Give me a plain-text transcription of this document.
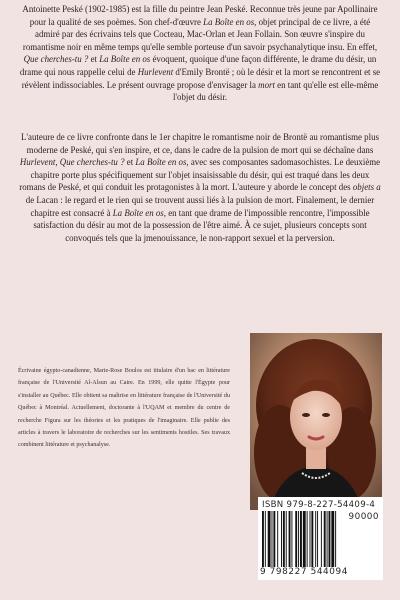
Antoinette Peské (1902-1985) est la fille du peintre Jean Peské. Reconnue très jeune par Apollinaire pour la qualité de ses poèmes. Son chef-d'œuvre La Boîte en os, objet principal de ce livre, a été admiré par des écrivains tels que Cocteau, Mac-Orlan et Jean Follain. Son œuvre s'inspire du romantisme noir en même temps qu'elle semble porteuse d'un savoir psychanalytique insu. En effet, Que cherches-tu ? et La Boîte en os évoquent, quoique d'une façon différente, le drame du désir, un drame qui nous rappelle celui de Hurlevent d'Emily Brontë ; où le désir et la mort se rencontrent et se révèlent indissociables. Le présent ouvrage propose d'envisager la mort en tant qu'elle est elle-même l'objet du désir.

L'auteure de ce livre confronte dans le 1er chapitre le romantisme noir de Brontë au romantisme plus moderne de Peské, qui s'en inspire, et ce, dans le cadre de la pulsion de mort qui se déchaîne dans Hurlevent, Que cherches-tu ? et La Boîte en os, avec ses composantes sadomasochistes. Le deuxième chapitre porte plus spécifiquement sur l'objet insaisissable du désir, qui est traqué dans les deux romans de Peské, et qui conduit les protagonistes à la mort. L'auteure y aborde le concept des objets a de Lacan : le regard et le rien qui se trouvent aussi liés à la pulsion de mort. Finalement, le dernier chapitre est consacré à La Boîte en os, en tant que drame de l'impossible rencontre, l'impossible satisfaction du désir au mot de la possession de l'être aimé. À ce sujet, plusieurs concepts sont convoqués tels que la jmenouissance, le non-rapport sexuel et la perversion.

Écrivaine égypto-canadienne, Marie-Rose Boulos est titulaire d'un bac en littérature française de l'Université Al-Alsun au Caire. En 1999, elle quitte l'Égypte pour s'installer au Québec. Elle obtient sa maîtrise en littérature française de l'Université du Québec à Montréal. Actuellement, doctorante à l'UQAM et membre du centre de recherche Figura sur les théories et les pratiques de l'imaginaire. Elle publie des articles à travers le laboratoire de recherches sur les sentiments hostiles. Ses travaux combinent littérature et psychanalyse.

ISBN 979-8-227-54409-4
90000
9 798227 544094
